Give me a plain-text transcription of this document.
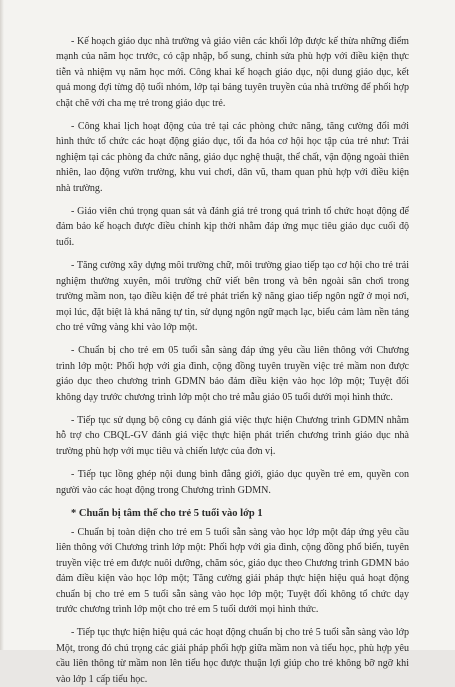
- Kế hoạch giáo dục nhà trường và giáo viên các khối lớp được kế thừa những điểm mạnh của năm học trước, có cập nhập, bổ sung, chỉnh sửa phù hợp với điều kiện thực tiễn và nhiệm vụ năm học mới. Công khai kế hoạch giáo dục, nội dung giáo dục, kết quả mong đợi từng độ tuổi nhóm, lớp tại bảng tuyên truyền của nhà trường để phối hợp chặt chẽ với cha mẹ trẻ trong giáo dục trẻ.

- Công khai lịch hoạt động của trẻ tại các phòng chức năng, tăng cường đổi mới hình thức tổ chức các hoạt động giáo dục, tối đa hóa cơ hội học tập của trẻ như: Trải nghiệm tại các phòng đa chức năng, giáo dục nghệ thuật, thể chất, vận động ngoài thiên nhiên, lao động vườn trường, khu vui chơi, dân vũ, tham quan phù hợp với điều kiện nhà trường.

- Giáo viên chú trọng quan sát và đánh giá trẻ trong quá trình tổ chức hoạt động để đảm bảo kế hoạch được điều chỉnh kịp thời nhằm đáp ứng mục tiêu giáo dục cuối độ tuổi.

- Tăng cường xây dựng môi trường chữ, môi trường giao tiếp tạo cơ hội cho trẻ trải nghiệm thường xuyên, môi trường chữ viết bên trong và bên ngoài sân chơi trong trường mầm non, tạo điều kiện để trẻ phát triển kỹ năng giao tiếp ngôn ngữ ở mọi nơi, mọi lúc, đặt biệt là khả năng tự tin, sử dụng ngôn ngữ mạch lạc, biểu cảm làm nền tảng cho trẻ vững vàng khi vào lớp một.

- Chuẩn bị cho trẻ em 05 tuổi sẵn sàng đáp ứng yêu cầu liên thông với Chương trình lớp một: Phối hợp với gia đình, cộng đồng tuyên truyền việc trẻ mầm non được giáo dục theo chương trình GDMN bảo đảm điều kiện vào học lớp một; Tuyệt đối không dạy trước chương trình lớp một cho trẻ mẫu giáo 05 tuổi dưới mọi hình thức.

- Tiếp tục sử dụng bộ công cụ đánh giá việc thực hiện Chương trình GDMN nhằm hỗ trợ cho CBQL-GV đánh giá việc thực hiện phát triển chương trình giáo dục nhà trường phù hợp với mục tiêu và chiến lược của đơn vị.

- Tiếp tục lồng ghép nội dung bình đẳng giới, giáo dục quyền trẻ em, quyền con người vào các hoạt động trong Chương trình GDMN.

* Chuẩn bị tâm thế cho trẻ 5 tuổi vào lớp 1

- Chuẩn bị toàn diện cho trẻ em 5 tuổi sẵn sàng vào học lớp một đáp ứng yêu cầu liên thông với Chương trình lớp một: Phối hợp với gia đình, cộng đồng phổ biến, tuyên truyền việc trẻ em được nuôi dưỡng, chăm sóc, giáo dục theo Chương trình GDMN bảo đảm điều kiện vào học lớp một; Tăng cường giải pháp thực hiện hiệu quả hoạt động chuẩn bị cho trẻ em 5 tuổi sẵn sàng vào học lớp một; Tuyệt đối không tổ chức dạy trước chương trình lớp một cho trẻ em 5 tuổi dưới mọi hình thức.

- Tiếp tục thực hiện hiệu quả các hoạt động chuẩn bị cho trẻ 5 tuổi sẵn sàng vào lớp Một, trong đó chú trọng các giải pháp phối hợp giữa mầm non và tiểu học, phù hợp yêu cầu liên thông từ mầm non lên tiểu học được thuận lợi giúp cho trẻ không bỡ ngỡ khi vào lớp 1 cấp tiểu học.
